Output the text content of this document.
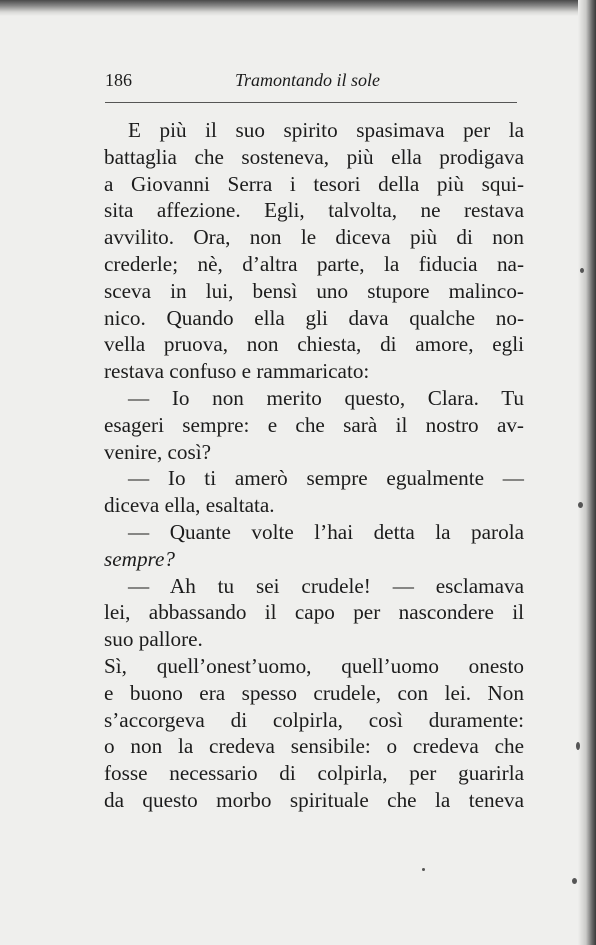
186	Tramontando il sole
E più il suo spirito spasimava per la
battaglia che sosteneva, più ella prodigava
a Giovanni Serra i tesori della più squi-
sita affezione. Egli, talvolta, ne restava
avvilito. Ora, non le diceva più di non
crederle; nè, d’altra parte, la fiducia na-
sceva in lui, bensì uno stupore malinco-
nico. Quando ella gli dava qualche no-
vella pruova, non chiesta, di amore, egli
restava confuso e rammaricato:
— Io non merito questo, Clara. Tu
esageri sempre: e che sarà il nostro av-
venire, così?
— Io ti amerò sempre egualmente —
diceva ella, esaltata.
— Quante volte l’hai detta la parola
sempre?
— Ah tu sei crudele! — esclamava
lei, abbassando il capo per nascondere il
suo pallore.
Sì, quell’onest’uomo, quell’uomo onesto
e buono era spesso crudele, con lei. Non
s’accorgeva di colpirla, così duramente:
o non la credeva sensibile: o credeva che
fosse necessario di colpirla, per guarirla
da questo morbo spirituale che la teneva
